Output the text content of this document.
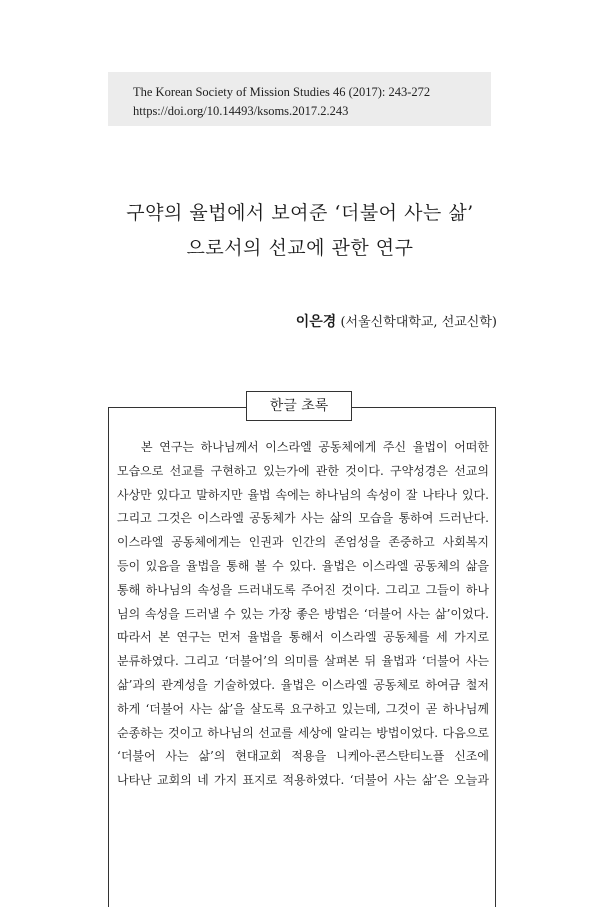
The Korean Society of Mission Studies 46 (2017): 243-272
https://doi.org/10.14493/ksoms.2017.2.243
구약의 율법에서 보여준 ‘더불어 사는 삶’
으로서의 선교에 관한 연구
이은경 (서울신학대학교, 선교신학)
한글 초록
본 연구는 하나님께서 이스라엘 공동체에게 주신 율법이 어떠한
모습으로 선교를 구현하고 있는가에 관한 것이다. 구약성경은 선교의
사상만 있다고 말하지만 율법 속에는 하나님의 속성이 잘 나타나 있다.
그리고 그것은 이스라엘 공동체가 사는 삶의 모습을 통하여 드러난다.
이스라엘 공동체에게는 인권과 인간의 존엄성을 존중하고 사회복지
등이 있음을 율법을 통해 볼 수 있다. 율법은 이스라엘 공동체의 삶을
통해 하나님의 속성을 드러내도록 주어진 것이다. 그리고 그들이 하나
님의 속성을 드러낼 수 있는 가장 좋은 방법은 ‘더불어 사는 삶’이었다.
따라서 본 연구는 먼저 율법을 통해서 이스라엘 공동체를 세 가지로
분류하였다. 그리고 ‘더불어’의 의미를 살펴본 뒤 율법과 ‘더불어 사는
삶’과의 관계성을 기술하였다. 율법은 이스라엘 공동체로 하여금 철저
하게 ‘더불어 사는 삶’을 살도록 요구하고 있는데, 그것이 곧 하나님께
순종하는 것이고 하나님의 선교를 세상에 알리는 방법이었다. 다음으로
‘더불어 사는 삶’의 현대교회 적용을 니케아-콘스탄티노플 신조에
나타난 교회의 네 가지 표지로 적용하였다. ‘더불어 사는 삶’은 오늘과
